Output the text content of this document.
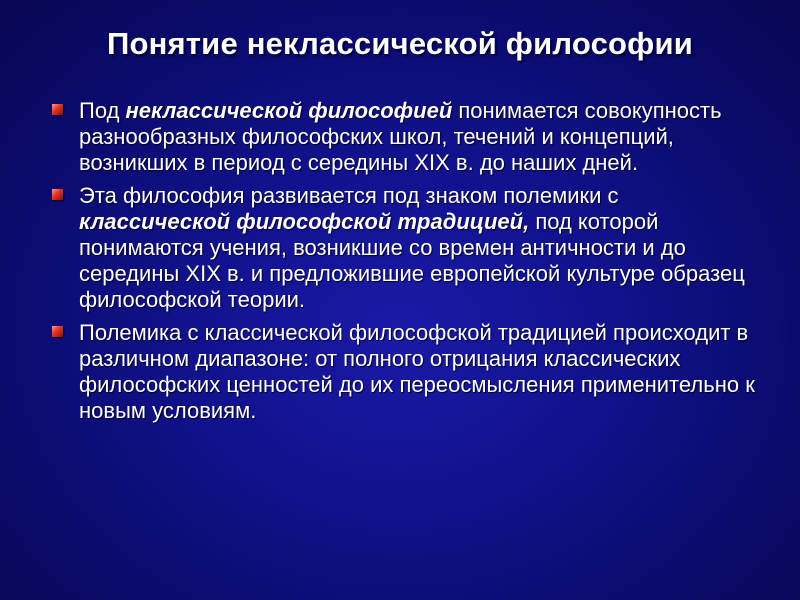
Понятие неклассической философии
Под неклассической философией понимается совокупность разнообразных философских школ, течений и концепций, возникших в период с середины XIX в. до наших дней.
Эта философия развивается под знаком полемики с классической философской традицией, под которой понимаются учения, возникшие со времен античности и до середины XIX в. и предложившие европейской культуре образец философской теории.
Полемика с классической философской традицией происходит в различном диапазоне: от полного отрицания классических философских ценностей до их переосмысления применительно к новым условиям.
